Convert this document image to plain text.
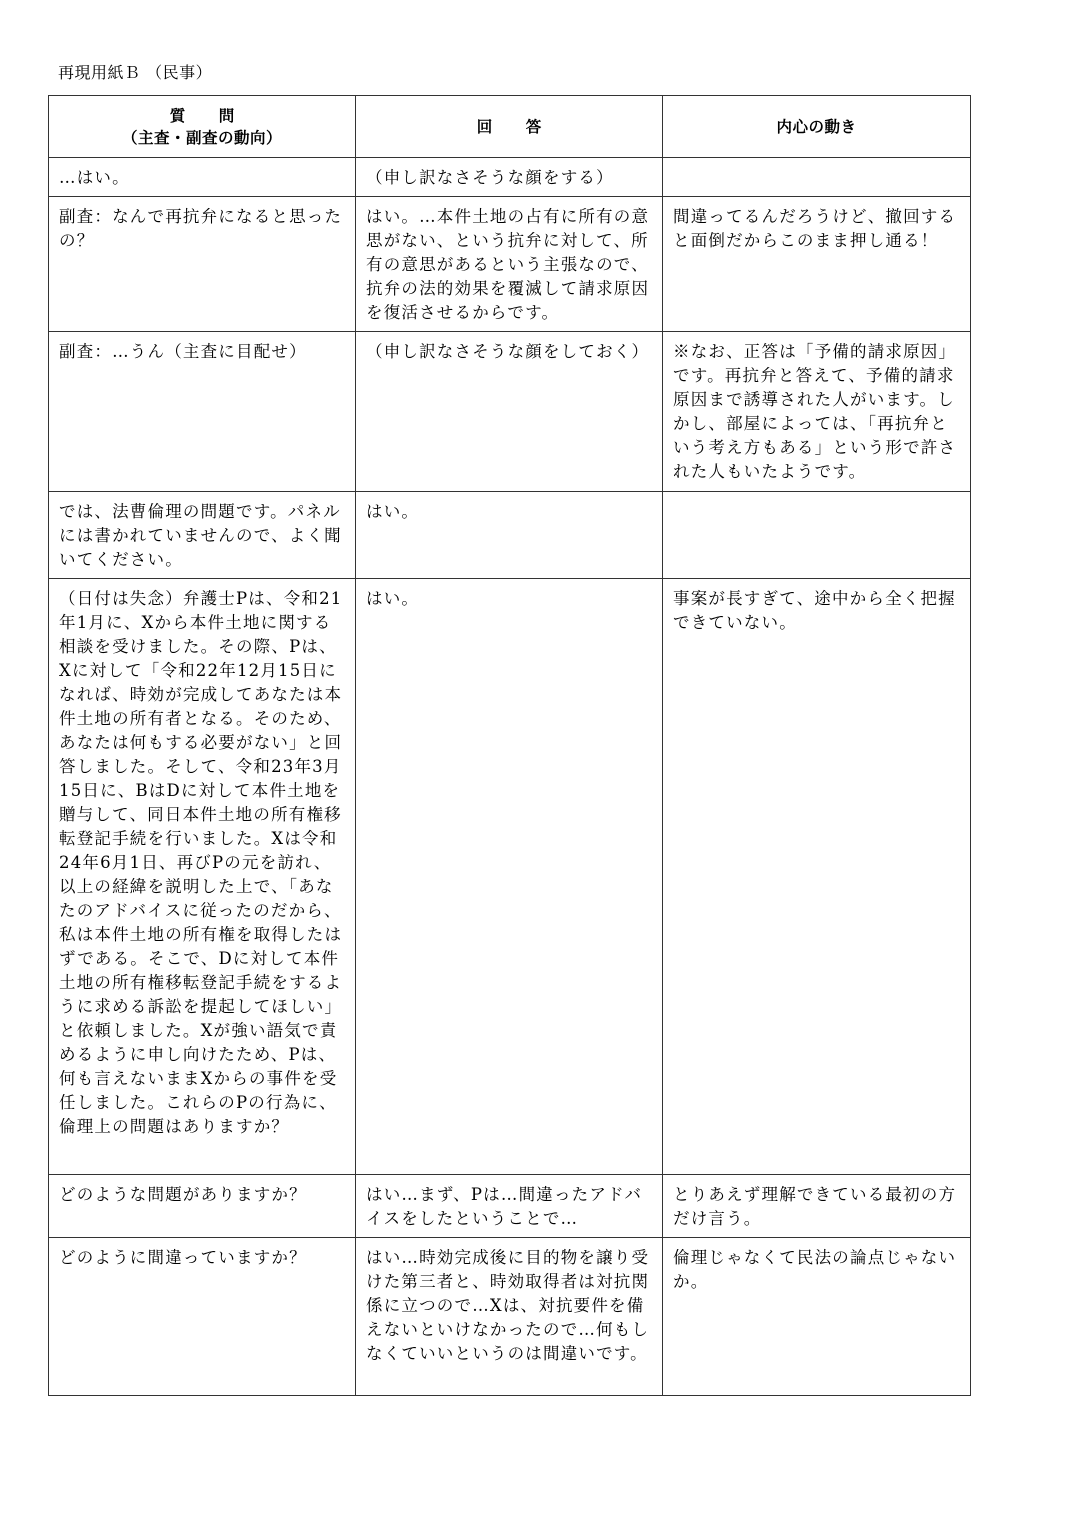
再現用紙Ｂ （民事）
質 問
（主査・副査の動向）	回 答	内心の動き
…はい。	（申し訳なさそうな顔をする）	
副査：なんで再抗弁になると思ったの？	はい。…本件土地の占有に所有の意思がない、という抗弁に対して、所有の意思があるという主張なので、抗弁の法的効果を覆滅して請求原因を復活させるからです。	間違ってるんだろうけど、撤回すると面倒だからこのまま押し通る！
副査：…うん（主査に目配せ）	（申し訳なさそうな顔をしておく）	※なお、正答は「予備的請求原因」です。再抗弁と答えて、予備的請求原因まで誘導された人がいます。しかし、部屋によっては、「再抗弁という考え方もある」という形で許された人もいたようです。
では、法曹倫理の問題です。パネルには書かれていませんので、よく聞いてください。	はい。	
（日付は失念）弁護士Pは、令和21年1月に、Xから本件土地に関する相談を受けました。その際、Pは、Xに対して「令和22年12月15日になれば、時効が完成してあなたは本件土地の所有者となる。そのため、あなたは何もする必要がない」と回答しました。そして、令和23年3月15日に、BはDに対して本件土地を贈与して、同日本件土地の所有権移転登記手続を行いました。Xは令和24年6月1日、再びPの元を訪れ、以上の経緯を説明した上で、「あなたのアドバイスに従ったのだから、私は本件土地の所有権を取得したはずである。そこで、Dに対して本件土地の所有権移転登記手続をするように求める訴訟を提起してほしい」と依頼しました。Xが強い語気で責めるように申し向けたため、Pは、何も言えないままXからの事件を受任しました。これらのPの行為に、倫理上の問題はありますか？	はい。	事案が長すぎて、途中から全く把握できていない。
どのような問題がありますか？	はい…まず、Pは…間違ったアドバイスをしたということで…	とりあえず理解できている最初の方だけ言う。
どのように間違っていますか？	はい…時効完成後に目的物を譲り受けた第三者と、時効取得者は対抗関係に立つので…Xは、対抗要件を備えないといけなかったので…何もしなくていいというのは間違いです。	倫理じゃなくて民法の論点じゃないか。
